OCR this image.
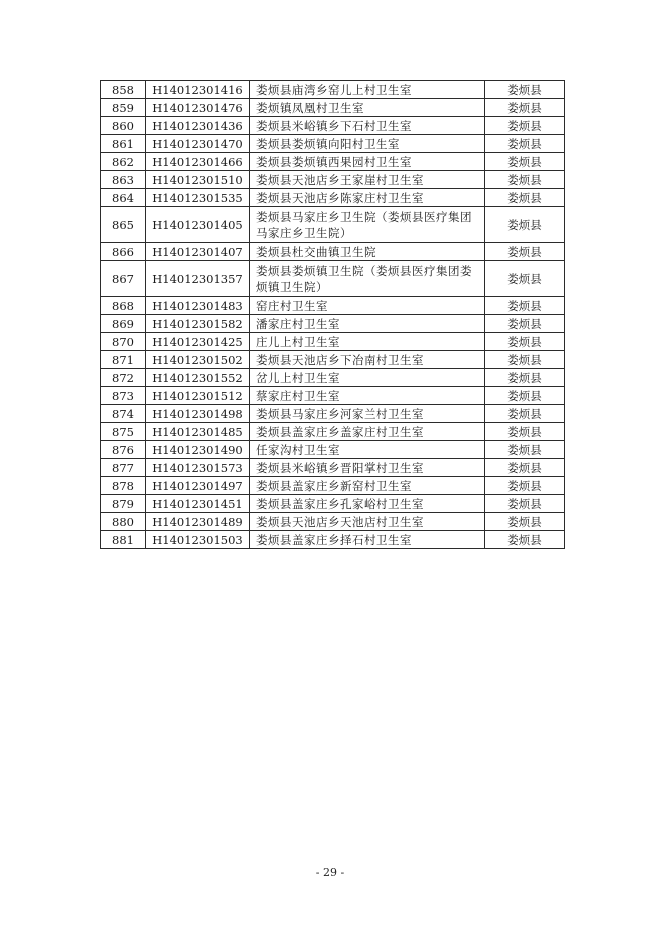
858	H14012301416	娄烦县庙湾乡窑儿上村卫生室	娄烦县
859	H14012301476	娄烦镇凤凰村卫生室	娄烦县
860	H14012301436	娄烦县米峪镇乡下石村卫生室	娄烦县
861	H14012301470	娄烦县娄烦镇向阳村卫生室	娄烦县
862	H14012301466	娄烦县娄烦镇西果园村卫生室	娄烦县
863	H14012301510	娄烦县天池店乡王家崖村卫生室	娄烦县
864	H14012301535	娄烦县天池店乡陈家庄村卫生室	娄烦县
865	H14012301405	娄烦县马家庄乡卫生院（娄烦县医疗集团马家庄乡卫生院）	娄烦县
866	H14012301407	娄烦县杜交曲镇卫生院	娄烦县
867	H14012301357	娄烦县娄烦镇卫生院（娄烦县医疗集团娄烦镇卫生院）	娄烦县
868	H14012301483	窑庄村卫生室	娄烦县
869	H14012301582	潘家庄村卫生室	娄烦县
870	H14012301425	庄儿上村卫生室	娄烦县
871	H14012301502	娄烦县天池店乡下冶南村卫生室	娄烦县
872	H14012301552	岔儿上村卫生室	娄烦县
873	H14012301512	蔡家庄村卫生室	娄烦县
874	H14012301498	娄烦县马家庄乡河家兰村卫生室	娄烦县
875	H14012301485	娄烦县盖家庄乡盖家庄村卫生室	娄烦县
876	H14012301490	任家沟村卫生室	娄烦县
877	H14012301573	娄烦县米峪镇乡晋阳掌村卫生室	娄烦县
878	H14012301497	娄烦县盖家庄乡新窑村卫生室	娄烦县
879	H14012301451	娄烦县盖家庄乡孔家峪村卫生室	娄烦县
880	H14012301489	娄烦县天池店乡天池店村卫生室	娄烦县
881	H14012301503	娄烦县盖家庄乡择石村卫生室	娄烦县
- 29 -
